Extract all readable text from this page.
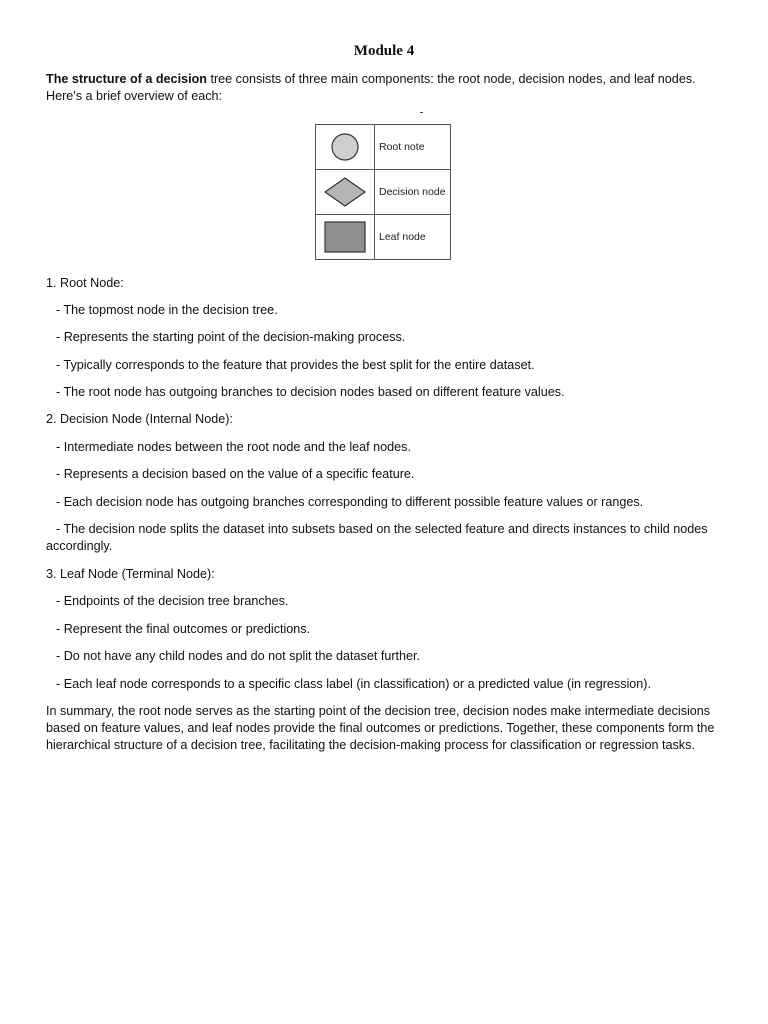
Module 4
The structure of a decision tree consists of three main components: the root node, decision nodes, and leaf nodes. Here's a brief overview of each:
	Root note

	Decision node

	Leaf node
1. Root Node:
- The topmost node in the decision tree.
- Represents the starting point of the decision-making process.
- Typically corresponds to the feature that provides the best split for the entire dataset.
- The root node has outgoing branches to decision nodes based on different feature values.
2. Decision Node (Internal Node):
- Intermediate nodes between the root node and the leaf nodes.
- Represents a decision based on the value of a specific feature.
- Each decision node has outgoing branches corresponding to different possible feature values or ranges.
- The decision node splits the dataset into subsets based on the selected feature and directs instances to child nodes accordingly.
3. Leaf Node (Terminal Node):
- Endpoints of the decision tree branches.
- Represent the final outcomes or predictions.
- Do not have any child nodes and do not split the dataset further.
- Each leaf node corresponds to a specific class label (in classification) or a predicted value (in regression).
In summary, the root node serves as the starting point of the decision tree, decision nodes make intermediate decisions based on feature values, and leaf nodes provide the final outcomes or predictions. Together, these components form the hierarchical structure of a decision tree, facilitating the decision-making process for classification or regression tasks.
